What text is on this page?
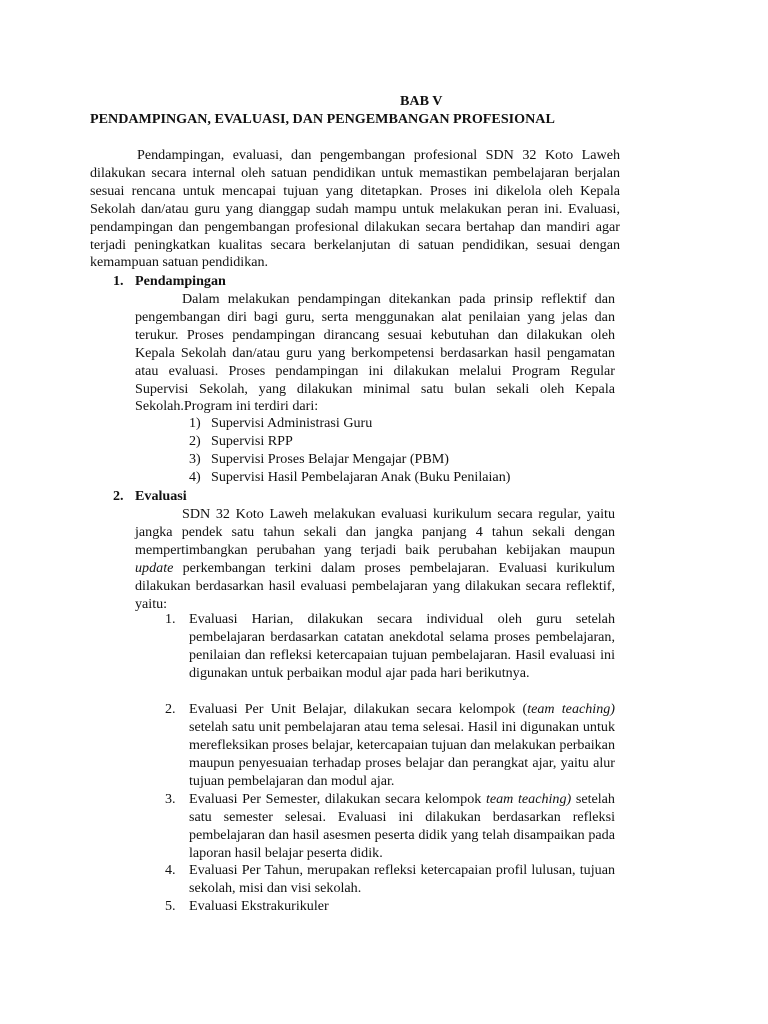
BAB V
PENDAMPINGAN, EVALUASI, DAN PENGEMBANGAN PROFESIONAL

Pendampingan, evaluasi, dan pengembangan profesional SDN 32 Koto Laweh dilakukan secara internal oleh satuan pendidikan untuk memastikan pembelajaran berjalan sesuai rencana untuk mencapai tujuan yang ditetapkan. Proses ini dikelola oleh Kepala Sekolah dan/atau guru yang dianggap sudah mampu untuk melakukan peran ini. Evaluasi, pendampingan dan pengembangan profesional dilakukan secara bertahap dan mandiri agar terjadi peningkatkan kualitas secara berkelanjutan di satuan pendidikan, sesuai dengan kemampuan satuan pendidikan.

1. Pendampingan

Dalam melakukan pendampingan ditekankan pada prinsip reflektif dan pengembangan diri bagi guru, serta menggunakan alat penilaian yang jelas dan terukur. Proses pendampingan dirancang sesuai kebutuhan dan dilakukan oleh Kepala Sekolah dan/atau guru yang berkompetensi berdasarkan hasil pengamatan atau evaluasi. Proses pendampingan ini dilakukan melalui Program Regular Supervisi Sekolah, yang dilakukan minimal satu bulan sekali oleh Kepala Sekolah.Program ini terdiri dari:

1) Supervisi Administrasi Guru
2) Supervisi RPP
3) Supervisi Proses Belajar Mengajar (PBM)
4) Supervisi Hasil Pembelajaran Anak (Buku Penilaian)
2. Evaluasi

SDN 32 Koto Laweh melakukan evaluasi kurikulum secara regular, yaitu jangka pendek satu tahun sekali dan jangka panjang 4 tahun sekali dengan mempertimbangkan perubahan yang terjadi baik perubahan kebijakan maupun update perkembangan terkini dalam proses pembelajaran. Evaluasi kurikulum dilakukan berdasarkan hasil evaluasi pembelajaran yang dilakukan secara reflektif, yaitu:

1. Evaluasi Harian, dilakukan secara individual oleh guru setelah pembelajaran berdasarkan catatan anekdotal selama proses pembelajaran, penilaian dan refleksi ketercapaian tujuan pembelajaran. Hasil evaluasi ini digunakan untuk perbaikan modul ajar pada hari berikutnya.

2. Evaluasi Per Unit Belajar, dilakukan secara kelompok (team teaching) setelah satu unit pembelajaran atau tema selesai. Hasil ini digunakan untuk merefleksikan proses belajar, ketercapaian tujuan dan melakukan perbaikan maupun penyesuaian terhadap proses belajar dan perangkat ajar, yaitu alur tujuan pembelajaran dan modul ajar.

3. Evaluasi Per Semester, dilakukan secara kelompok team teaching) setelah satu semester selesai. Evaluasi ini dilakukan berdasarkan refleksi pembelajaran dan hasil asesmen peserta didik yang telah disampaikan pada laporan hasil belajar peserta didik.

4. Evaluasi Per Tahun, merupakan refleksi ketercapaian profil lulusan, tujuan sekolah, misi dan visi sekolah.

5. Evaluasi Ekstrakurikuler
